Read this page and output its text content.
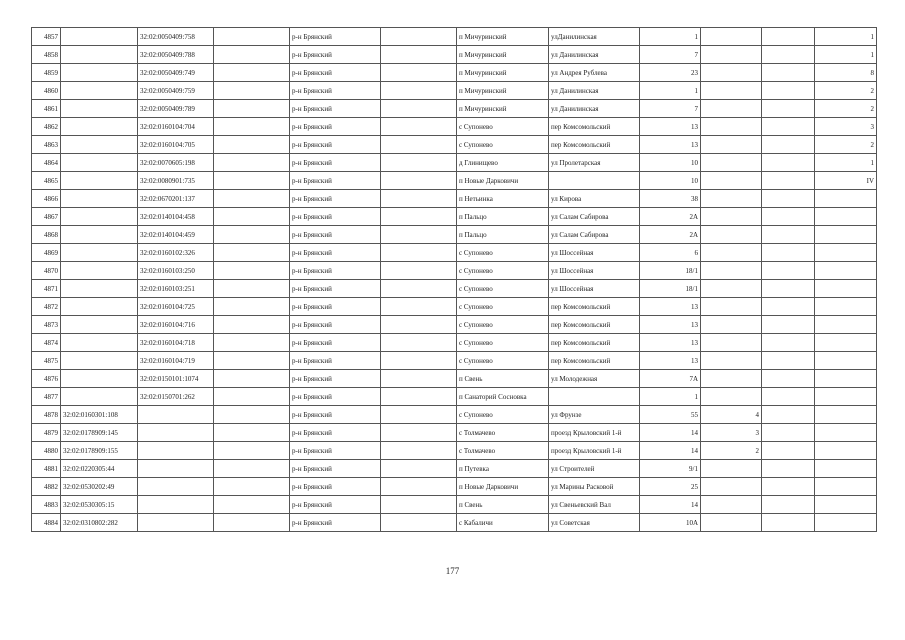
4857		32:02:0050409:758		р-н Брянский		п Мичуринский	улДанилинская	1			1
4858		32:02:0050409:788		р-н Брянский		п Мичуринский	ул Данилинская	7			1
4859		32:02:0050409:749		р-н Брянский		п Мичуринский	ул Андрея Рублева	23			8
4860		32:02:0050409:759		р-н Брянский		п Мичуринский	ул Данилинская	1			2
4861		32:02:0050409:789		р-н Брянский		п Мичуринский	ул Данилинская	7			2
4862		32:02:0160104:704		р-н Брянский		с Супонево	пер Комсомольский	13			3
4863		32:02:0160104:705		р-н Брянский		с Супонево	пер Комсомольский	13			2
4864		32:02:0070605:198		р-н Брянский		д Глинищево	ул Пролетарская	10			1
4865		32:02:0080901:735		р-н Брянский		п Новые Дарковичи		10			IV
4866		32:02:0670201:137		р-н Брянский		п Нетьинка	ул Кирова	38			
4867		32:02:0140104:458		р-н Брянский		п Пальцо	ул Салам Сабирова	2А			
4868		32:02:0140104:459		р-н Брянский		п Пальцо	ул Салам Сабирова	2А			
4869		32:02:0160102:326		р-н Брянский		с Супонево	ул Шоссейная	6			
4870		32:02:0160103:250		р-н Брянский		с Супонево	ул Шоссейная	18/1			
4871		32:02:0160103:251		р-н Брянский		с Супонево	ул Шоссейная	18/1			
4872		32:02:0160104:725		р-н Брянский		с Супонево	пер Комсомольский	13			
4873		32:02:0160104:716		р-н Брянский		с Супонево	пер Комсомольский	13			
4874		32:02:0160104:718		р-н Брянский		с Супонево	пер Комсомольский	13			
4875		32:02:0160104:719		р-н Брянский		с Супонево	пер Комсомольский	13			
4876		32:02:0150101:1074		р-н Брянский		п Свень	ул Молодежная	7А			
4877		32:02:0150701:262		р-н Брянский		п Санаторий Сосновка		1			
4878	32:02:0160301:108			р-н Брянский		с Супонево	ул Фрунзе	55	4		
4879	32:02:0178909:145			р-н Брянский		с Толмачево	проезд Крыловский 1-й	14	3		
4880	32:02:0178909:155			р-н Брянский		с Толмачево	проезд Крыловский 1-й	14	2		
4881	32:02:0220305:44			р-н Брянский		п Путевка	ул Строителей	9/1			
4882	32:02:0530202:49			р-н Брянский		п Новые Дарковичи	ул Марины Расковой	25			
4883	32:02:0530305:15			р-н Брянский		п Свень	ул Свеньевский Вал	14			
4884	32:02:0310802:282			р-н Брянский		с Кабаличи	ул Советская	10А			
177
